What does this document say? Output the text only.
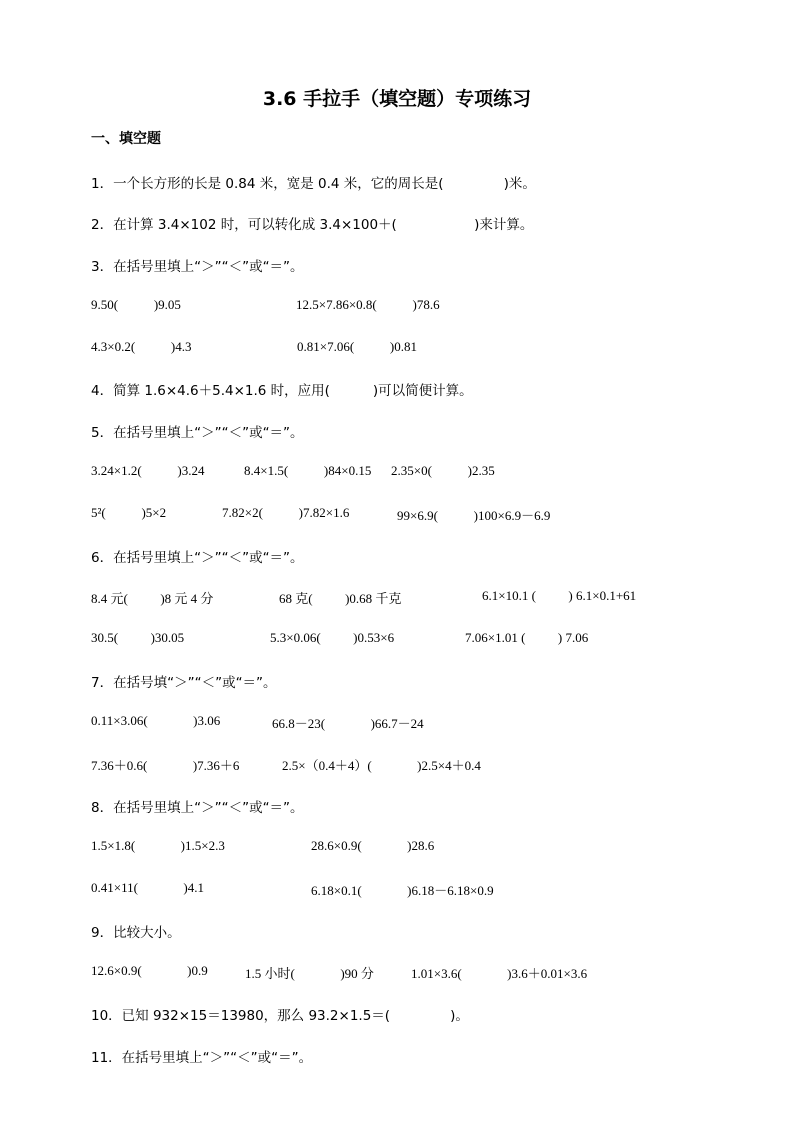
3.6 手拉手（填空题）专项练习
一、填空题
1．一个长方形的长是 0.84 米，宽是 0.4 米，它的周长是(              )米。
2．在计算 3.4×102 时，可以转化成 3.4×100＋(                  )来计算。
3．在括号里填上“＞”“＜”或“＝”。
9.50(           )9.05	12.5×7.86×0.8(           )78.6
4.3×0.2(           )4.3	0.81×7.06(           )0.81
4．简算 1.6×4.6＋5.4×1.6 时，应用(          )可以简便计算。
5．在括号里填上“＞”“＜”或“＝”。
3.24×1.2(           )3.24	8.4×1.5(           )84×0.15 2.35×0(           )2.35
5²(           )5×2	7.82×2(           )7.82×1.6	99×6.9(           )100×6.9－6.9
6．在括号里填上“＞”“＜”或“＝”。
8.4 元(          )8 元 4 分	68 克(          )0.68 千克	6.1×10.1 (          ) 6.1×0.1+61
30.5(          )30.05	5.3×0.06(          )0.53×6	7.06×1.01 (          ) 7.06
7．在括号填“＞”“＜”或“＝”。
0.11×3.06(              )3.06	66.8－23(              )66.7－24
7.36＋0.6(              )7.36＋6	2.5×（0.4＋4）(              )2.5×4＋0.4
8．在括号里填上“＞”“＜”或“＝”。
1.5×1.8(              )1.5×2.3	28.6×0.9(              )28.6
0.41×11(              )4.1	6.18×0.1(              )6.18－6.18×0.9
9．比较大小。
12.6×0.9(              )0.9	1.5 小时(              )90 分	1.01×3.6(              )3.6＋0.01×3.6
10．已知 932×15＝13980，那么 93.2×1.5＝(              )。
11．在括号里填上“＞”“＜”或“＝”。
